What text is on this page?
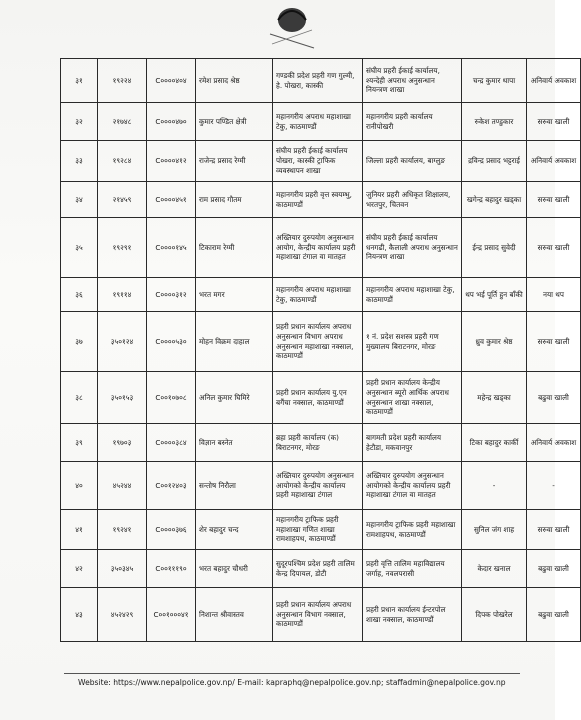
३१	१९२२४	C००००४०४	रमेश प्रसाद श्रेष्ठ	गण्डकी प्रदेश प्रहरी गण गुल्मी, हे. पोखरा, कास्की	संघीय प्रहरी ईकाई कार्यालय, श्यन्देही अपराध अनुसन्धान नियन्त्रण शाखा	चन्द्र कुमार थापा	अनिवार्य अवकाश
३२	२१७४८	C००००४७०	कुमार पण्डित क्षेत्री	महानगरीय अपराध महाशाखा टेकु, काठमाण्डौं	महानगरीय प्रहरी कार्यालय रानीपोखरी	रुकेश तण्डुकार	सरुवा खाली
३३	१९२८४	C००००४१२	राजेन्द्र प्रसाद रेग्मी	संघीय प्रहरी ईकाई कार्यालय पोखरा, कास्की ट्राफिक व्यवस्थापन शाखा	जिल्ला प्रहरी कार्यालय, बाग्लुङ	द्रविन्द्र प्रसाद भट्टराई	अनिवार्य अवकाश
३४	२१४५९	C००००४५१	राम प्रसाद गौतम	महानगरीय प्रहरी वृत्त स्वयम्भु, काठमाण्डौं	जुनियर प्रहरी अधिकृत शिक्षालय, भरतपुर, चितवन	खगेन्द्र बहादुर खड्का	सरुवा खाली
३५	१९२९१	C००००१४५	टिकाराम रेग्मी	अख्तियार दुरुपयोग अनुसन्धान आयोग, केन्द्रीय कार्यालय प्रहरी महाशाखा टंगाल वा मातहत	संघीय प्रहरी ईकाई कार्यालय धनगढी, कैलाली अपराध अनुसन्धान नियन्त्रण शाखा	ईन्द्र प्रसाद सुवेदी	सरुवा खाली
३६	१९११४	C००००३१२	भरत मगर	महानगरीय अपराध महाशाखा टेकु, काठमाण्डौं	महानगरीय अपराध महाशाखा टेकु, काठमाण्डौं	थप भई पूर्ति हुन बाँकी	नया थप
३७	३५०१२४	C००००५३०	मोहन विक्रम दाहाल	प्रहरी प्रधान कार्यालय अपराध अनुसन्धान विभाग अपराध अनुसन्धान महाशाखा नक्साल, काठमाण्डौं	१ नं. प्रदेश सशस्त्र प्रहरी गण मुख्यालय बिराटनगर, मोरङ	ध्रुव कुमार श्रेष्ठ	सरुवा खाली
३८	३५०१५३	C००१०७०८	अनिल कुमार घिमिरे	प्रहरी प्रधान कार्यालय यु.एन बगैंचा नक्साल, काठमाण्डौं	प्रहरी प्रधान कार्यालय केन्द्रीय अनुसन्धान ब्यूरो आर्थिक अपराध अनुसन्धान शाखा नक्साल, काठमाण्डौं	महेन्द्र खड्का	बढुवा खाली
३९	१९७०३	C००००३८४	विज्ञान बस्नेत	ब्रहा प्रहरी कार्यालय (क) बिराटनगर, मोरङ	बागमती प्रदेश प्रहरी कार्यालय हेटौडा, मकवानपुर	टिका बहादुर कार्की	अनिवार्य अवकाश
४०	४५२४४	C००१२४०३	सन्तोष निरौला	अख्तियार दुरुपयोग अनुसन्धान आयोगको केन्द्रीय कार्यालय प्रहरी महाशाखा टंगाल	अख्तियार दुरुपयोग अनुसन्धान आयोगको केन्द्रीय कार्यालय प्रहरी महाशाखा टंगाल वा मातहत	-	-
४१	१९२४१	C००००३७६	शेर बहादुर चन्द	महानगरीय ट्राफिक प्रहरी महाशाखा गणित शाखा रामशाहपथ, काठमाण्डौं	महानगरीय ट्राफिक प्रहरी महाशाखा रामशाहपथ, काठमाण्डौं	सुनिल जंग शाह	सरुवा खाली
४२	३५०३४५	C००१११९०	भरत बहादुर चौधरी	सुदूरपश्चिम प्रदेश प्रहरी तालिम केन्द्र दिपायल, डोटी	प्रहरी वृत्ति तालिम महाविद्यालय जर्गाह, नवलपरासी	केदार खनाल	बढुवा खाली
४३	४५२४२९	C००१०००४१	निशान्त श्रीवास्तव	प्रहरी प्रधान कार्यालय अपराध अनुसन्धान विभाग नक्साल, काठमाण्डौं	प्रहरी प्रधान कार्यालय ईन्टरपोल शाखा नक्साल, काठमाण्डौं	दिपक पोखरेल	बढुवा खाली
Website: https://www.nepalpolice.gov.np/ E-mail: kapraphq@nepalpolice.gov.np; staffadmin@nepalpolice.gov.np
